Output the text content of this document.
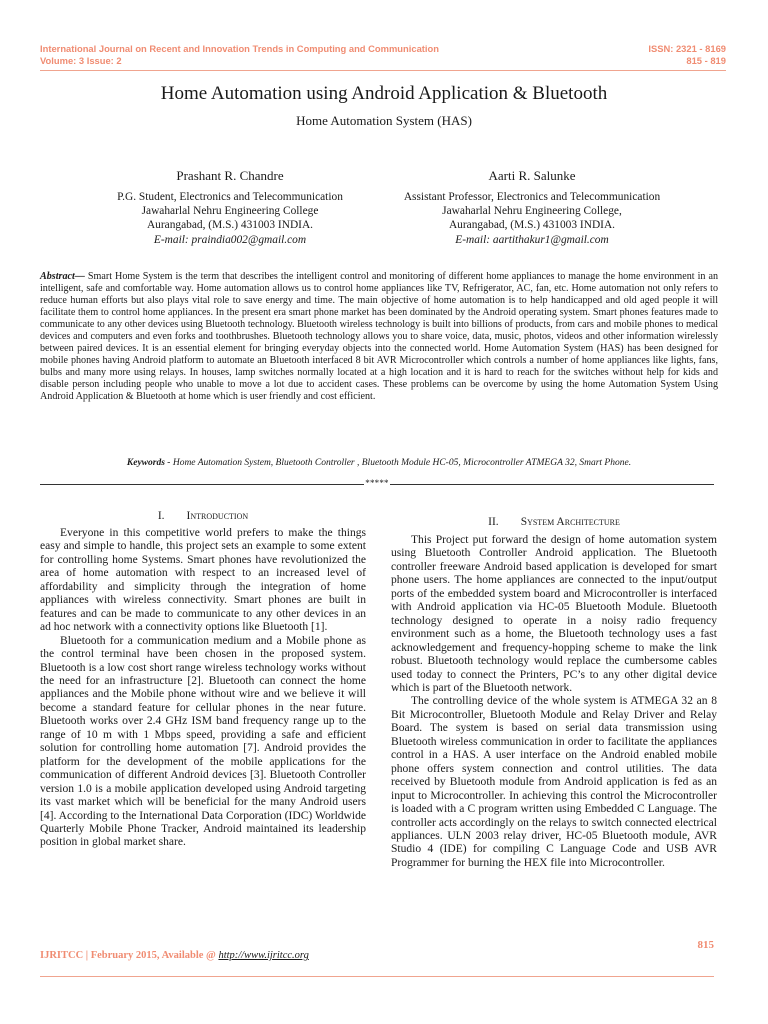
International Journal on Recent and Innovation Trends in Computing and Communication
Volume: 3 Issue: 2
ISSN: 2321 - 8169
815 - 819
Home Automation using Android Application & Bluetooth
Home Automation System (HAS)
Prashant R. Chandre
P.G. Student, Electronics and Telecommunication
Jawaharlal Nehru Engineering College
Aurangabad, (M.S.) 431003 INDIA.
E-mail: praindia002@gmail.com
Aarti R. Salunke
Assistant Professor, Electronics and Telecommunication
Jawaharlal Nehru Engineering College,
Aurangabad, (M.S.) 431003 INDIA.
E-mail: aartithakur1@gmail.com
Abstract— Smart Home System is the term that describes the intelligent control and monitoring of different home appliances to manage the home environment in an intelligent, safe and comfortable way. Home automation allows us to control home appliances like TV, Refrigerator, AC, fan, etc. Home automation not only refers to reduce human efforts but also plays vital role to save energy and time. The main objective of home automation is to help handicapped and old aged people it will facilitate them to control home appliances. In the present era smart phone market has been dominated by the Android operating system. Smart phones features made to communicate to any other devices using Bluetooth technology. Bluetooth wireless technology is built into billions of products, from cars and mobile phones to medical devices and computers and even forks and toothbrushes. Bluetooth technology allows you to share voice, data, music, photos, videos and other information wirelessly between paired devices. It is an essential element for bringing everyday objects into the connected world. Home Automation System (HAS) has been designed for mobile phones having Android platform to automate an Bluetooth interfaced 8 bit AVR Microcontroller which controls a number of home appliances like lights, fans, bulbs and many more using relays. In houses, lamp switches normally located at a high location and it is hard to reach for the switches without help for kids and disable person including people who unable to move a lot due to accident cases. These problems can be overcome by using the home Automation System Using Android Application & Bluetooth at home which is user friendly and cost efficient.
Keywords - Home Automation System, Bluetooth Controller , Bluetooth Module HC-05, Microcontroller ATMEGA 32, Smart Phone.
*****
I. Introduction

Everyone in this competitive world prefers to make the things easy and simple to handle, this project sets an example to some extent for controlling home Systems. Smart phones have revolutionized the area of home automation with respect to an increased level of affordability and simplicity through the integration of home appliances with wireless connectivity. Smart phones are built in features and can be made to communicate to any other devices in an ad hoc network with a connectivity options like Bluetooth [1].

Bluetooth for a communication medium and a Mobile phone as the control terminal have been chosen in the proposed system. Bluetooth is a low cost short range wireless technology works without the need for an infrastructure [2]. Bluetooth can connect the home appliances and the Mobile phone without wire and we believe it will become a standard feature for cellular phones in the near future. Bluetooth works over 2.4 GHz ISM band frequency range up to the range of 10 m with 1 Mbps speed, providing a safe and efficient solution for controlling home automation [7]. Android provides the platform for the development of the mobile applications for the communication of different Android devices [3]. Bluetooth Controller version 1.0 is a mobile application developed using Android targeting its vast market which will be beneficial for the many Android users [4]. According to the International Data Corporation (IDC) Worldwide Quarterly Mobile Phone Tracker, Android maintained its leadership position in global market share.

II. System Architecture

This Project put forward the design of home automation system using Bluetooth Controller Android application. The Bluetooth controller freeware Android based application is developed for smart phone users. The home appliances are connected to the input/output ports of the embedded system board and Microcontroller is interfaced with Android application via HC-05 Bluetooth Module. Bluetooth technology designed to operate in a noisy radio frequency environment such as a home, the Bluetooth technology uses a fast acknowledgement and frequency-hopping scheme to make the link robust. Bluetooth technology would replace the cumbersome cables used today to connect the Printers, PC’s to any other digital device which is part of the Bluetooth network.

The controlling device of the whole system is ATMEGA 32 an 8 Bit Microcontroller, Bluetooth Module and Relay Driver and Relay Board. The system is based on serial data transmission using Bluetooth wireless communication in order to facilitate the appliances control in a HAS. A user interface on the Android enabled mobile phone offers system connection and control utilities. The data received by Bluetooth module from Android application is fed as an input to Microcontroller. In achieving this control the Microcontroller is loaded with a C program written using Embedded C Language. The controller acts accordingly on the relays to switch connected electrical appliances. ULN 2003 relay driver, HC-05 Bluetooth module, AVR Studio 4 (IDE) for compiling C Language Code and USB AVR Programmer for burning the HEX file into Microcontroller.

815
IJRITCC | February 2015, Available @ http://www.ijritcc.org
